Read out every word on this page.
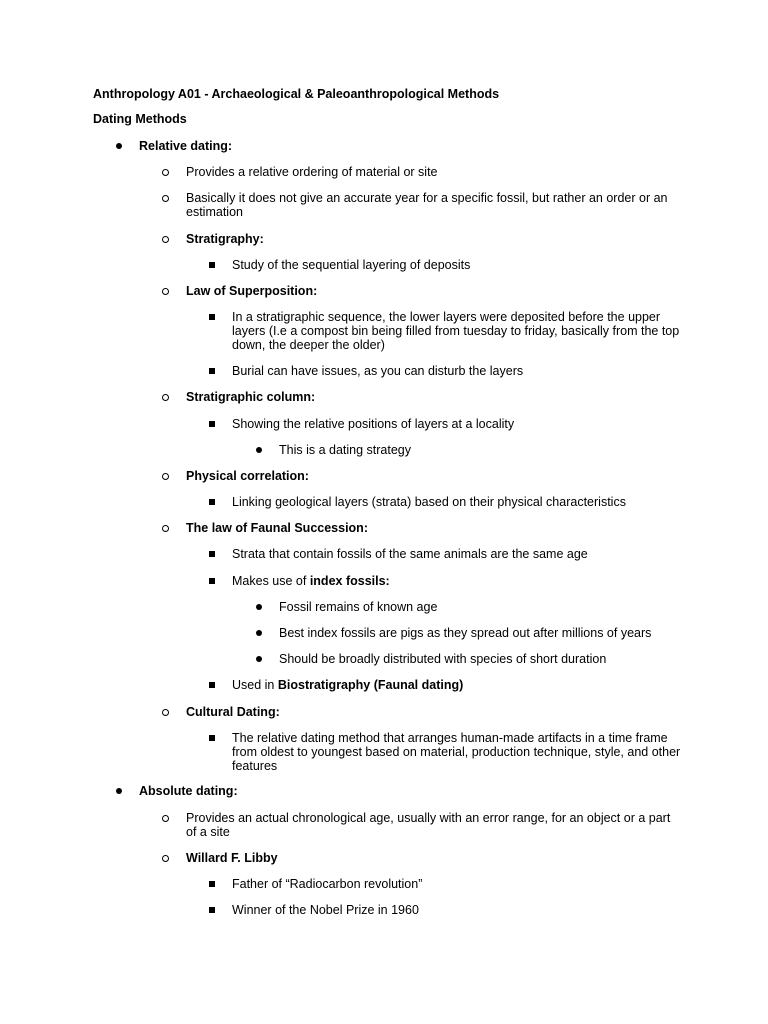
Anthropology A01 - Archaeological & Paleoanthropological Methods
Dating Methods
Relative dating:
Provides a relative ordering of material or site
Basically it does not give an accurate year for a specific fossil, but rather an order or an estimation
Stratigraphy:
Study of the sequential layering of deposits
Law of Superposition:
In a stratigraphic sequence, the lower layers were deposited before the upper layers (I.e a compost bin being filled from tuesday to friday, basically from the top down, the deeper the older)
Burial can have issues, as you can disturb the layers
Stratigraphic column:
Showing the relative positions of layers at a locality
This is a dating strategy
Physical correlation:
Linking geological layers (strata) based on their physical characteristics
The law of Faunal Succession:
Strata that contain fossils of the same animals are the same age
Makes use of index fossils:
Fossil remains of known age
Best index fossils are pigs as they spread out after millions of years
Should be broadly distributed with species of short duration
Used in Biostratigraphy (Faunal dating)
Cultural Dating:
The relative dating method that arranges human-made artifacts in a time frame from oldest to youngest based on material, production technique, style, and other features
Absolute dating:
Provides an actual chronological age, usually with an error range, for an object or a part of a site
Willard F. Libby
Father of “Radiocarbon revolution”
Winner of the Nobel Prize in 1960
